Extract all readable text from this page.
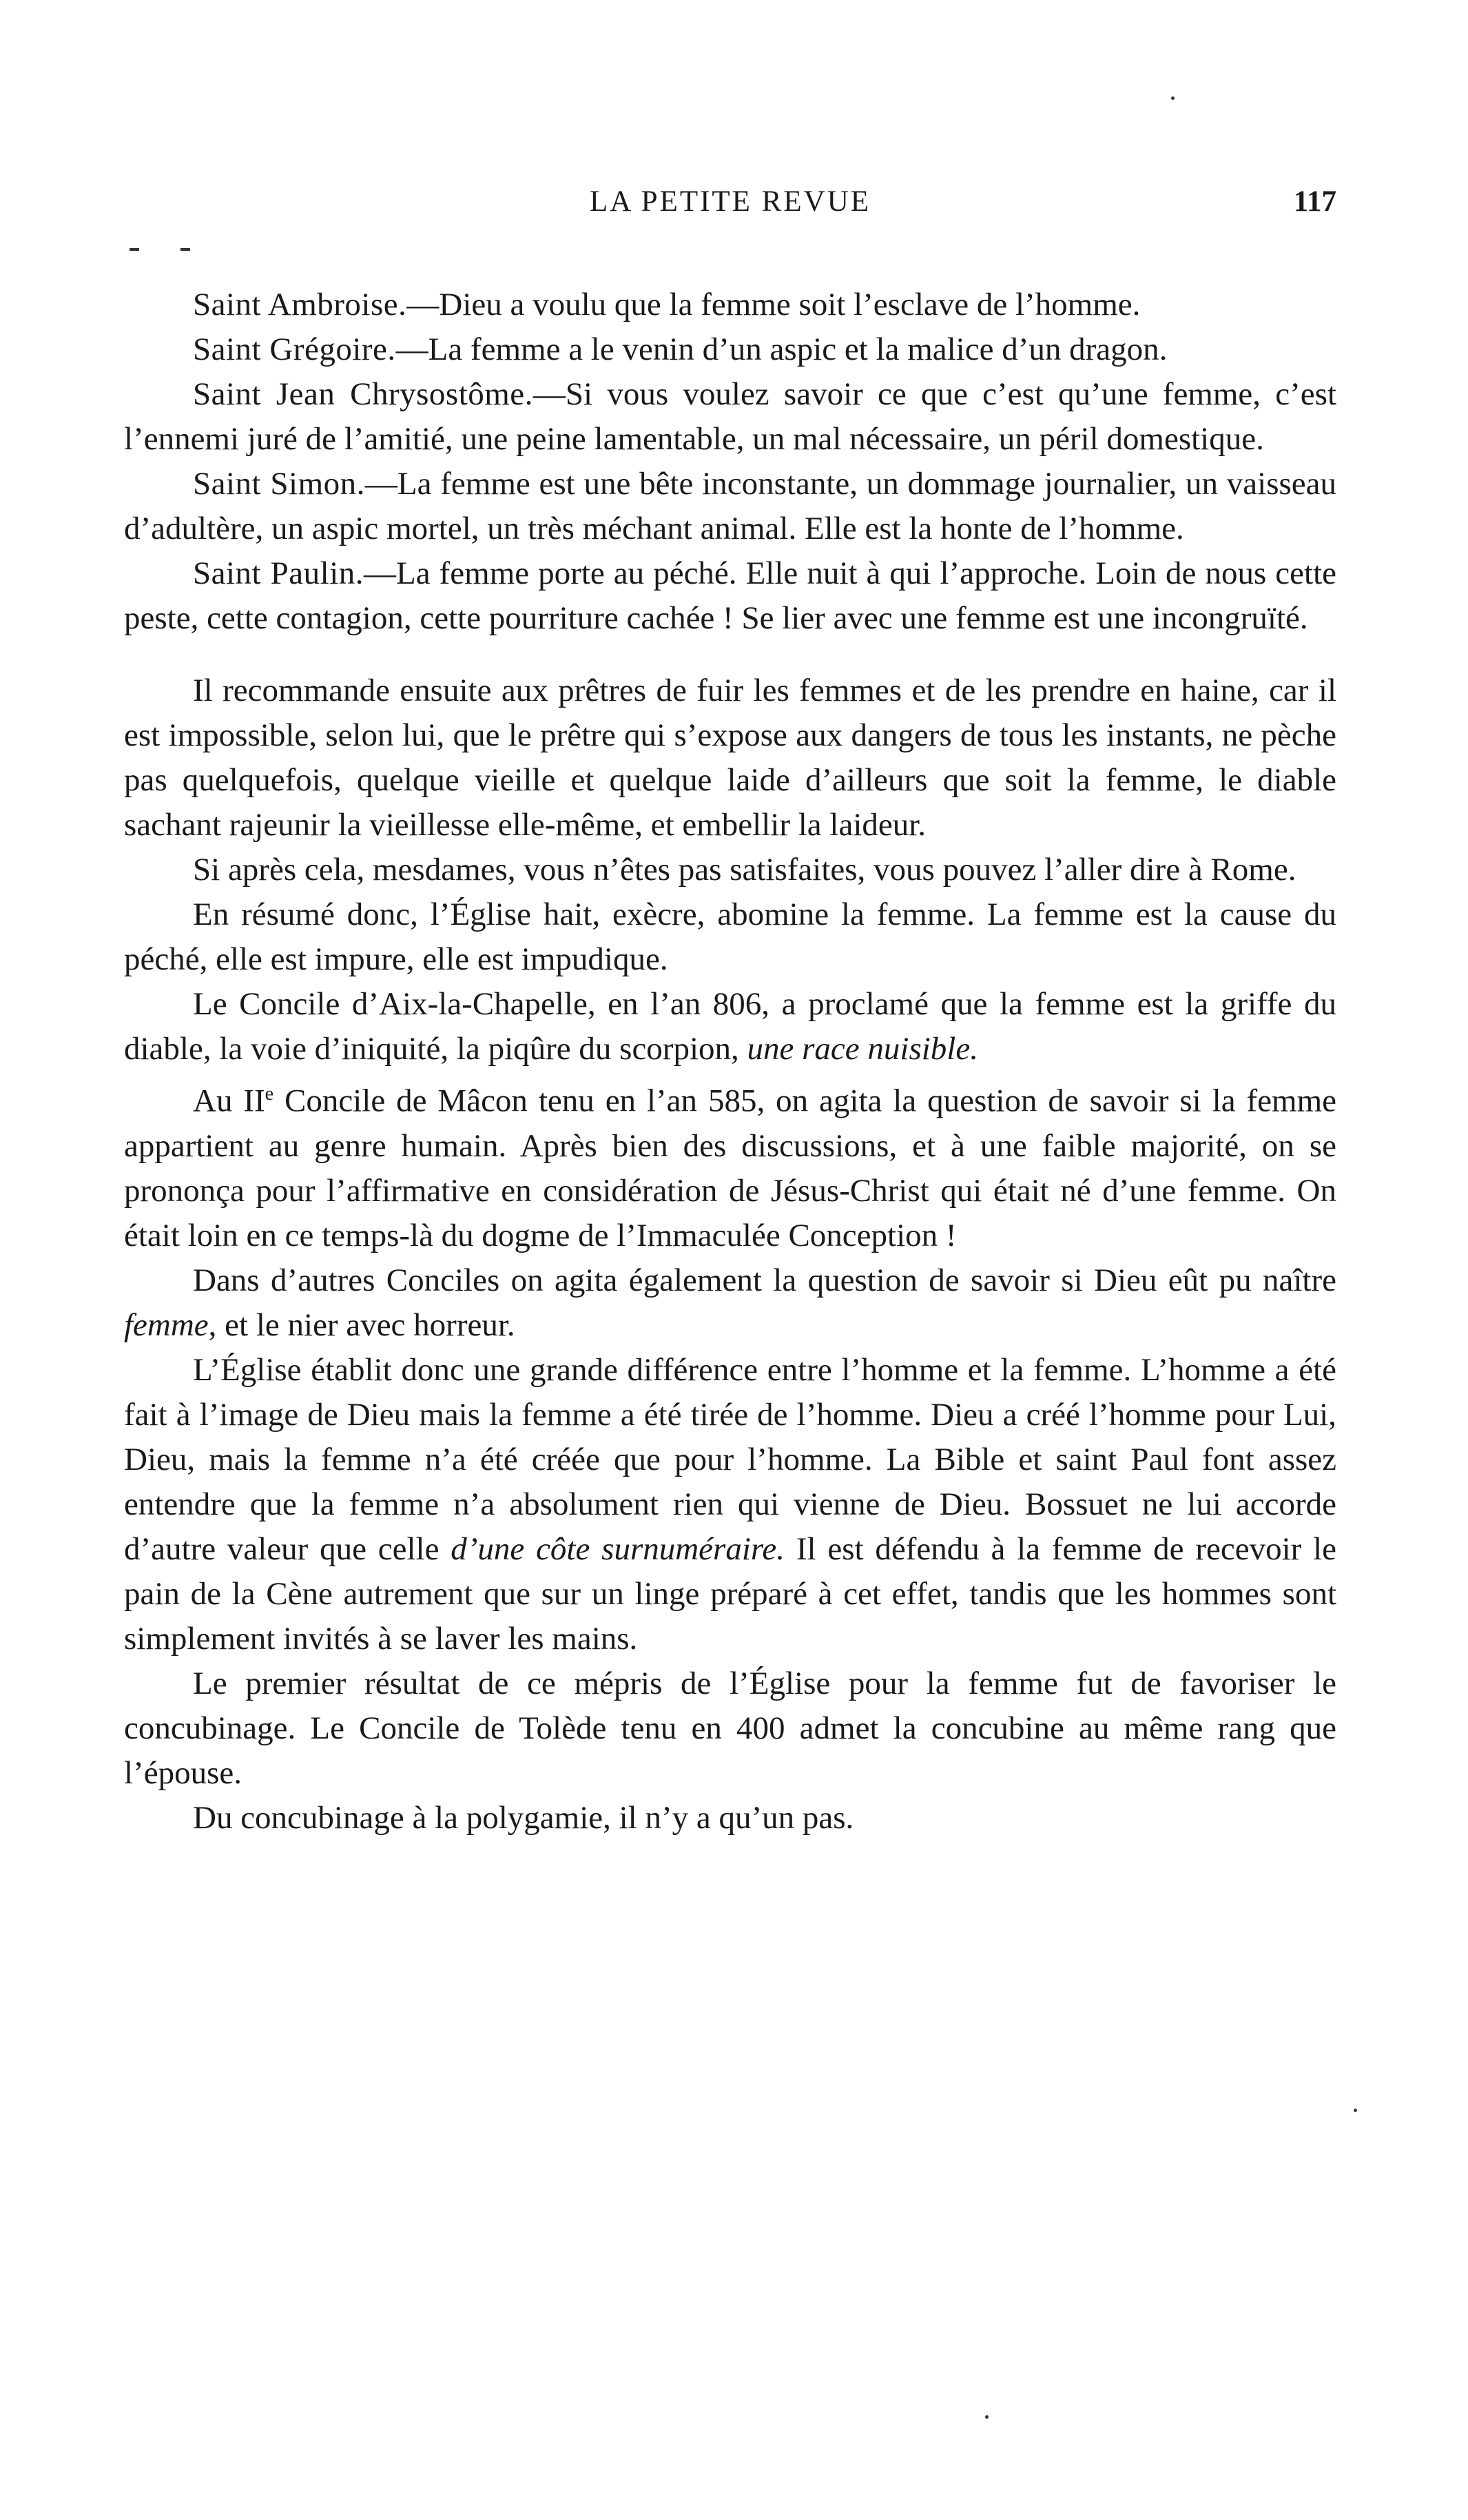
LA PETITE REVUE	117

Saint Ambroise.—Dieu a voulu que la femme soit l’esclave de l’homme.

Saint Grégoire.—La femme a le venin d’un aspic et la malice d’un dragon.

Saint Jean Chrysostôme.—Si vous voulez savoir ce que c’est qu’une femme, c’est l’ennemi juré de l’amitié, une peine lamentable, un mal nécessaire, un péril domestique.

Saint Simon.—La femme est une bête inconstante, un dommage journalier, un vaisseau d’adultère, un aspic mortel, un très méchant animal. Elle est la honte de l’homme.

Saint Paulin.—La femme porte au péché. Elle nuit à qui l’approche. Loin de nous cette peste, cette contagion, cette pourriture cachée ! Se lier avec une femme est une incongruïté.

Il recommande ensuite aux prêtres de fuir les femmes et de les prendre en haine, car il est impossible, selon lui, que le prêtre qui s’expose aux dangers de tous les instants, ne pèche pas quelquefois, quelque vieille et quelque laide d’ailleurs que soit la femme, le diable sachant rajeunir la vieillesse elle-même, et embellir la laideur.

Si après cela, mesdames, vous n’êtes pas satisfaites, vous pouvez l’aller dire à Rome.

En résumé donc, l’Église hait, exècre, abomine la femme. La femme est la cause du péché, elle est impure, elle est impudique.

Le Concile d’Aix-la-Chapelle, en l’an 806, a proclamé que la femme est la griffe du diable, la voie d’iniquité, la piqûre du scorpion, une race nuisible.

Au IIe Concile de Mâcon tenu en l’an 585, on agita la question de savoir si la femme appartient au genre humain. Après bien des discussions, et à une faible majorité, on se prononça pour l’affirmative en considération de Jésus-Christ qui était né d’une femme. On était loin en ce temps-là du dogme de l’Immaculée Conception !

Dans d’autres Conciles on agita également la question de savoir si Dieu eût pu naître femme, et le nier avec horreur.

L’Église établit donc une grande différence entre l’homme et la femme. L’homme a été fait à l’image de Dieu mais la femme a été tirée de l’homme. Dieu a créé l’homme pour Lui, Dieu, mais la femme n’a été créée que pour l’homme. La Bible et saint Paul font assez entendre que la femme n’a absolument rien qui vienne de Dieu. Bossuet ne lui accorde d’autre valeur que celle d’une côte surnuméraire. Il est défendu à la femme de recevoir le pain de la Cène autrement que sur un linge préparé à cet effet, tandis que les hommes sont simplement invités à se laver les mains.

Le premier résultat de ce mépris de l’Église pour la femme fut de favoriser le concubinage. Le Concile de Tolède tenu en 400 admet la concubine au même rang que l’épouse.

Du concubinage à la polygamie, il n’y a qu’un pas.
